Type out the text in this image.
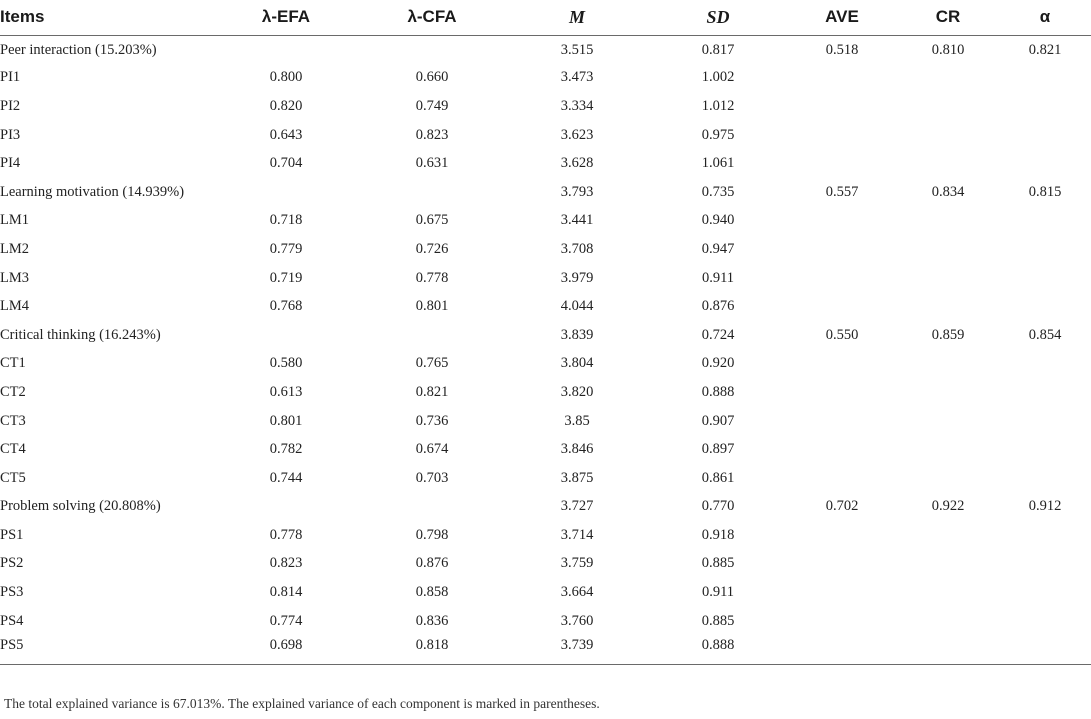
Items	λ-EFA	λ-CFA	M	SD	AVE	CR	α
Peer interaction (15.203%)			3.515	0.817	0.518	0.810	0.821
PI1	0.800	0.660	3.473	1.002			
PI2	0.820	0.749	3.334	1.012			
PI3	0.643	0.823	3.623	0.975			
PI4	0.704	0.631	3.628	1.061			
Learning motivation (14.939%)			3.793	0.735	0.557	0.834	0.815
LM1	0.718	0.675	3.441	0.940			
LM2	0.779	0.726	3.708	0.947			
LM3	0.719	0.778	3.979	0.911			
LM4	0.768	0.801	4.044	0.876			
Critical thinking (16.243%)			3.839	0.724	0.550	0.859	0.854
CT1	0.580	0.765	3.804	0.920			
CT2	0.613	0.821	3.820	0.888			
CT3	0.801	0.736	3.85	0.907			
CT4	0.782	0.674	3.846	0.897			
CT5	0.744	0.703	3.875	0.861			
Problem solving (20.808%)			3.727	0.770	0.702	0.922	0.912
PS1	0.778	0.798	3.714	0.918			
PS2	0.823	0.876	3.759	0.885			
PS3	0.814	0.858	3.664	0.911			
PS4	0.774	0.836	3.760	0.885			
PS5	0.698	0.818	3.739	0.888			
The total explained variance is 67.013%. The explained variance of each component is marked in parentheses.
